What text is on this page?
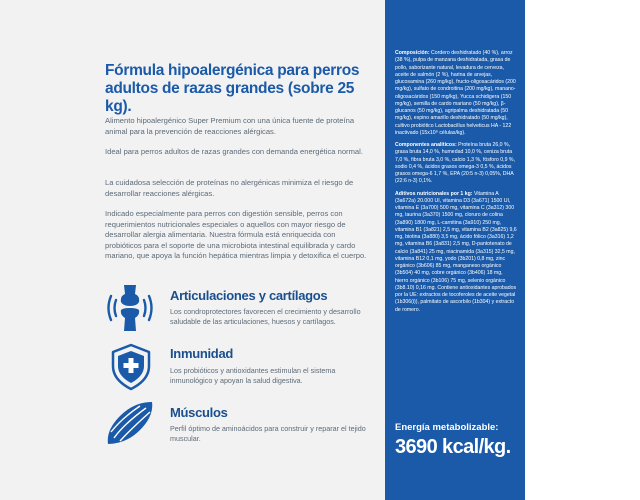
Fórmula hipoalergénica para perros adultos de razas grandes (sobre 25 kg).
Alimento hipoalergénico Super Premium con una única fuente de proteína animal para la prevención de reacciones alérgicas.
Ideal para perros adultos de razas grandes con demanda energética normal.
La cuidadosa selección de proteínas no alergénicas minimiza el riesgo de desarrollar reacciones alérgicas.
Indicado especialmente para perros con digestión sensible, perros con requerimientos nutricionales especiales o aquellos con mayor riesgo de desarrollar alergia alimentaria. Nuestra fórmula está enriquecida con probióticos para el soporte de una microbiota intestinal equilibrada y cardo mariano, que apoya la función hepática mientras limpia y detoxifica el cuerpo.
Articulaciones y cartílagos
Los condroprotectores favorecen el crecimiento y desarrollo saludable de las articulaciones, huesos y cartílagos.
Inmunidad
Los probióticos y antioxidantes estimulan el sistema inmunológico y apoyan la salud digestiva.
Músculos
Perfil óptimo de aminoácidos para construir y reparar el tejido muscular.

Composición: Cordero deshidratado (40 %), arroz (38 %), pulpa de manzana deshidratada, grasa de pollo, saborizante natural, levadura de cerveza, aceite de salmón (2 %), harina de arvejas, glucosamina (260 mg/kg), fructo-oligosacáridos (200 mg/kg), sulfato de condroitina (200 mg/kg), manano-oligosacáridos (150 mg/kg), Yucca schidigera (150 mg/kg), semilla de cardo mariano (50 mg/kg), β-glucanos (50 mg/kg), agripalma deshidratada (50 mg/kg), espino amarillo deshidratado (50 mg/kg), cultivo probiótico Lactobacillus helveticus HA - 122 inactivado (15x10⁹ células/kg).

Componentes analíticos: Proteína bruta 26,0 %, grasa bruta 14,0 %, humedad 10,0 %, ceniza bruta 7,0 %, fibra bruta 3,0 %, calcio 1,3 %, fósforo 0,9 %, sodio 0,4 %, ácidos grasos omega-3 0,5 %, ácidos grasos omega-6 1,7 %, EPA (20:5 n-3) 0,05%, DHA (22:6 n-3) 0,1%.

Aditivos nutricionales por 1 kg: Vitamina A (3a672a) 20.000 UI, vitamina D3 (3a671) 1500 UI, vitamina E (3a700) 500 mg, vitamina C (3a312) 300 mg, taurina (3a370) 1500 mg, cloruro de colina (3a890) 1800 mg, L-carnitina (3a910) 250 mg, vitamina B1 (3a821) 2,5 mg, vitamina B2 (3a825) 9,6 mg, biotina (3a880) 3,5 mg, ácido fólico (3a316) 1,2 mg, vitamina B6 (3a831) 2,5 mg, D-pantotenato de calcio (3a841) 25 mg, niacinamida (3a315) 32,5 mg, vitamina B12 0,1 mg, yodo (3b201) 0,8 mg, zinc orgánico (3b606) 85 mg, manganeso orgánico (3b504) 40 mg, cobre orgánico (3b406) 18 mg, hierro orgánico (3b106) 75 mg, selenio orgánico (3b8.10) 0,16 mg. Contiene antioxidantes aprobados por la UE: extractos de tocoferoles de aceite vegetal (1b306(i)), palmitato de ascorbilo (1b304) y extracto de romero.

Energía metabolizable:
3690 kcal/kg.
